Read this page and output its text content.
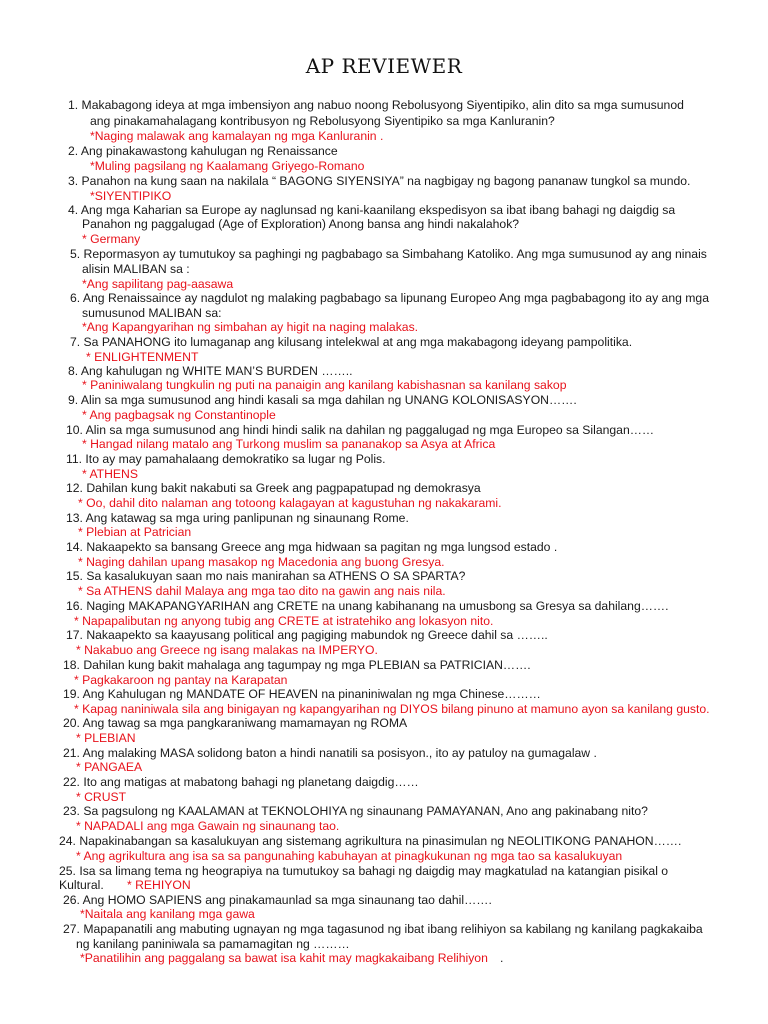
AP REVIEWER
1. Makabagong ideya at mga imbensiyon ang nabuo noong Rebolusyong Siyentipiko, alin dito sa mga sumusunod
ang pinakamahalagang kontribusyon ng Rebolusyong Siyentipiko sa mga Kanluranin?
*Naging malawak ang kamalayan ng mga Kanluranin .
2. Ang pinakawastong kahulugan ng Renaissance
*Muling pagsilang ng Kaalamang Griyego-Romano
3. Panahon na kung saan na nakilala “ BAGONG SIYENSIYA” na nagbigay ng bagong pananaw tungkol sa mundo.
*SIYENTIPIKO
4. Ang mga Kaharian sa Europe ay naglunsad ng kani-kaanilang ekspedisyon sa ibat ibang bahagi ng daigdig sa
Panahon ng paggalugad (Age of Exploration) Anong bansa ang hindi nakalahok?
* Germany
5. Repormasyon ay tumutukoy sa paghingi ng pagbabago sa Simbahang Katoliko. Ang mga sumusunod ay ang ninais
alisin MALIBAN sa :
*Ang sapilitang pag-aasawa
6. Ang Renaissaince ay nagdulot ng malaking pagbabago sa lipunang Europeo Ang mga pagbabagong ito ay ang mga
sumusunod MALIBAN sa:
*Ang Kapangyarihan ng simbahan ay higit na naging malakas.
7. Sa PANAHONG ito lumaganap ang kilusang intelekwal at ang mga makabagong ideyang pampolitika.
* ENLIGHTENMENT
8. Ang kahulugan ng WHITE MAN’S BURDEN ……..
* Paniniwalang tungkulin ng puti na panaigin ang kanilang kabishasnan sa kanilang sakop
9. Alin sa mga sumusunod ang hindi kasali sa mga dahilan ng UNANG KOLONISASYON…….
* Ang pagbagsak ng Constantinople
10. Alin sa mga sumusunod ang hindi hindi salik na dahilan ng paggalugad ng mga Europeo sa Silangan……
* Hangad nilang matalo ang Turkong muslim sa pananakop sa Asya at Africa
11. Ito ay may pamahalaang demokratiko sa lugar ng Polis.
* ATHENS
12. Dahilan kung bakit nakabuti sa Greek ang pagpapatupad ng demokrasya
* Oo, dahil dito nalaman ang totoong kalagayan at kagustuhan ng nakakarami.
13. Ang katawag sa mga uring panlipunan ng sinaunang Rome.
* Plebian at Patrician
14. Nakaapekto sa bansang Greece ang mga hidwaan sa pagitan ng mga lungsod estado .
* Naging dahilan upang masakop ng Macedonia ang buong Gresya.
15. Sa kasalukuyan saan mo nais manirahan sa ATHENS O SA SPARTA?
* Sa ATHENS dahil Malaya ang mga tao dito na gawin ang nais nila.
16. Naging MAKAPANGYARIHAN ang CRETE na unang kabihanang na umusbong sa Gresya sa dahilang…….
* Napapalibutan ng anyong tubig ang CRETE at istratehiko ang lokasyon nito.
17. Nakaapekto sa kaayusang political ang pagiging mabundok ng Greece dahil sa ……..
* Nakabuo ang Greece ng isang malakas na IMPERYO.
18. Dahilan kung bakit mahalaga ang tagumpay ng mga PLEBIAN sa PATRICIAN…….
* Pagkakaroon ng pantay na Karapatan
19. Ang Kahulugan ng MANDATE OF HEAVEN na pinaniniwalan ng mga Chinese………
* Kapag naniniwala sila ang binigayan ng kapangyarihan ng DIYOS bilang pinuno at mamuno ayon sa kanilang gusto.
20. Ang tawag sa mga pangkaraniwang mamamayan ng ROMA
* PLEBIAN
21. Ang malaking MASA solidong baton a hindi nanatili sa posisyon., ito ay patuloy na gumagalaw .
* PANGAEA
22. Ito ang matigas at mabatong bahagi ng planetang daigdig……
* CRUST
23. Sa pagsulong ng KAALAMAN at TEKNOLOHIYA ng sinaunang PAMAYANAN, Ano ang pakinabang nito?
* NAPADALI ang mga Gawain ng sinaunang tao.
24. Napakinabangan sa kasalukuyan ang sistemang agrikultura na pinasimulan ng NEOLITIKONG PANAHON…….
* Ang agrikultura ang isa sa sa pangunahing kabuhayan at pinagkukunan ng mga tao sa kasalukuyan
25. Isa sa limang tema ng heograpiya na tumutukoy sa bahagi ng daigdig may magkatulad na katangian pisikal o
Kultural. * REHIYON
26. Ang HOMO SAPIENS ang pinakamaunlad sa mga sinaunang tao dahil…….
*Naitala ang kanilang mga gawa
27. Mapapanatili ang mabuting ugnayan ng mga tagasunod ng ibat ibang relihiyon sa kabilang ng kanilang pagkakaiba
ng kanilang paniniwala sa pamamagitan ng ………
*Panatilihin ang paggalang sa bawat isa kahit may magkakaibang Relihiyon .
